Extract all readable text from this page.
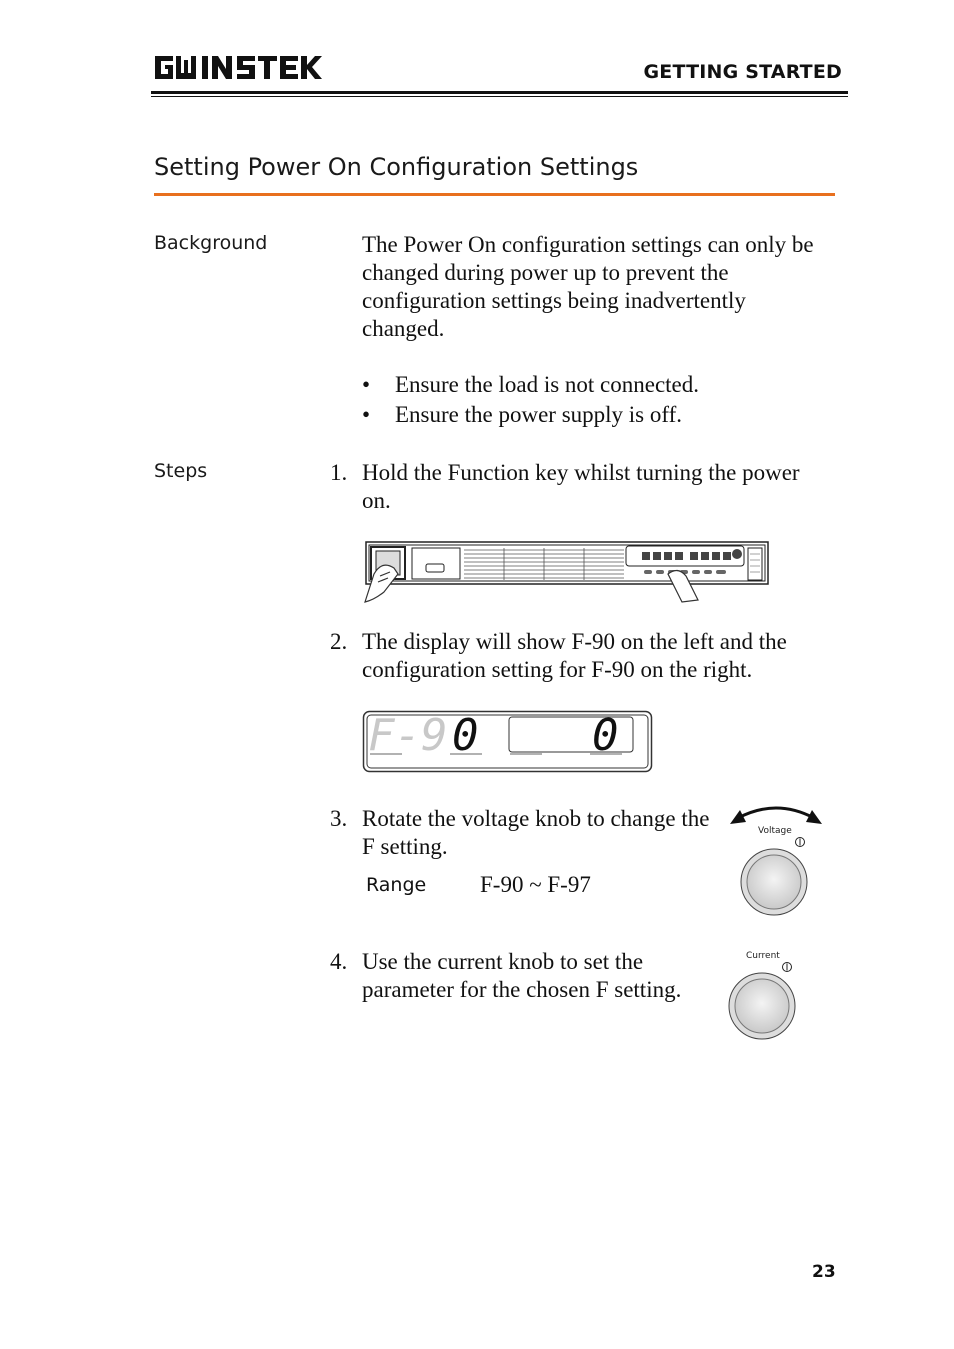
GETTING STARTED
Setting Power On Configuration Settings
Background	The Power On configuration settings can only be changed during power up to prevent the configuration settings being inadvertently changed.
• Ensure the load is not connected.
• Ensure the power supply is off.
Steps	1. Hold the Function key whilst turning the power on.
2. The display will show F-90 on the left and the configuration setting for F-90 on the right.
F-9 0	0
3. Rotate the voltage knob to change the F setting.
Range F-90 ~ F-97
Voltage
4. Use the current knob to set the parameter for the chosen F setting.
Current
23
